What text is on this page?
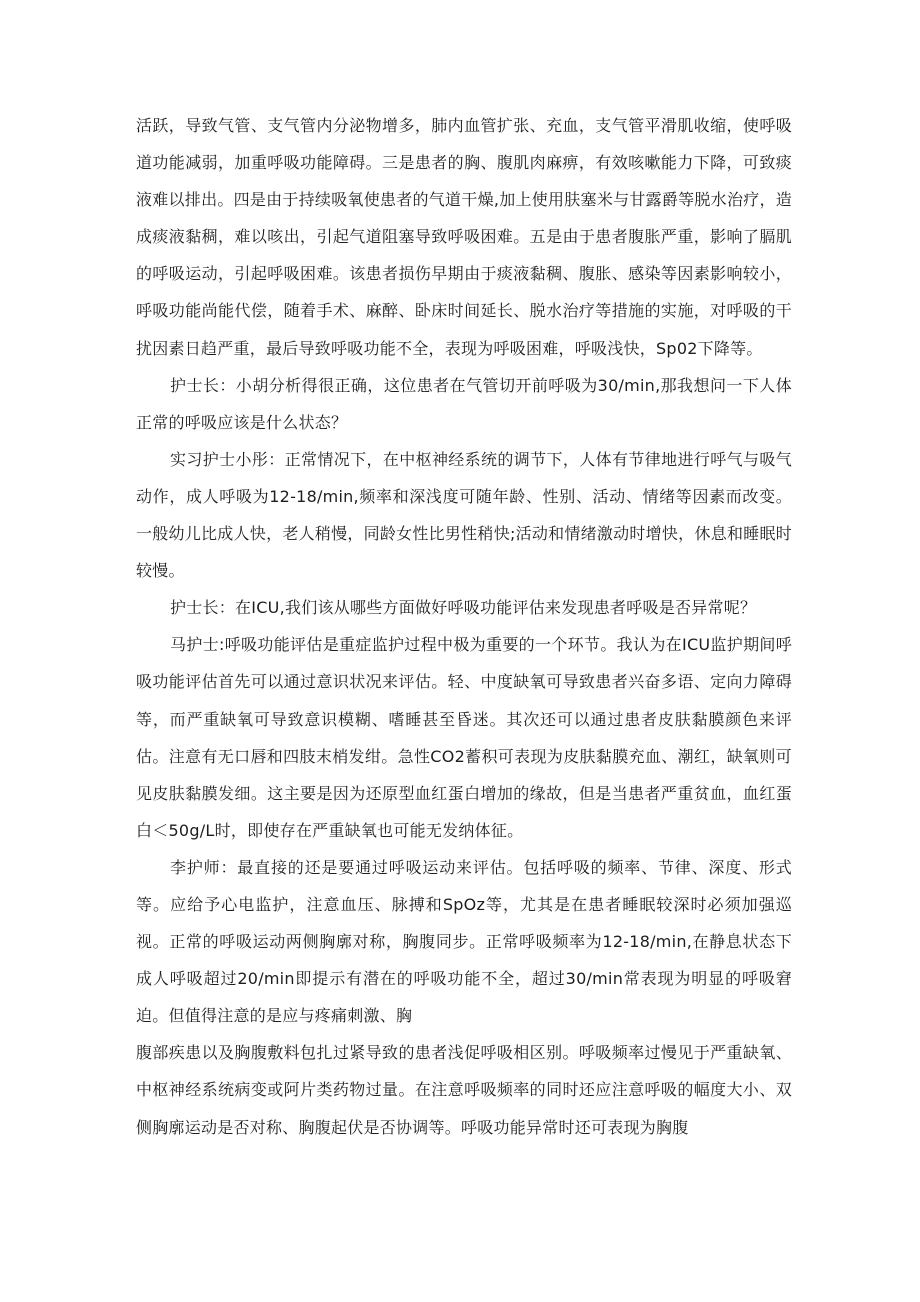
活跃，导致气管、支气管内分泌物增多，肺内血管扩张、充血，支气管平滑肌收缩，使呼吸道功能减弱，加重呼吸功能障碍。三是患者的胸、腹肌肉麻痹，有效咳嗽能力下降，可致痰液难以排出。四是由于持续吸氧使患者的气道干燥,加上使用肤塞米与甘露爵等脱水治疗，造成痰液黏稠，难以咳出，引起气道阻塞导致呼吸困难。五是由于患者腹胀严重，影响了膈肌的呼吸运动，引起呼吸困难。该患者损伤早期由于痰液黏稠、腹胀、感染等因素影响较小，呼吸功能尚能代偿，随着手术、麻醉、卧床时间延长、脱水治疗等措施的实施，对呼吸的干扰因素日趋严重，最后导致呼吸功能不全，表现为呼吸困难，呼吸浅快，Sp02下降等。

护士长：小胡分析得很正确，这位患者在气管切开前呼吸为30∕min,那我想问一下人体正常的呼吸应该是什么状态？

实习护士小彤：正常情况下，在中枢神经系统的调节下，人体有节律地进行呼气与吸气动作，成人呼吸为12-18∕min,频率和深浅度可随年龄、性别、活动、情绪等因素而改变。一般幼儿比成人快，老人稍慢，同龄女性比男性稍快;活动和情绪激动时增快，休息和睡眠时较慢。

护士长：在ICU,我们该从哪些方面做好呼吸功能评估来发现患者呼吸是否异常呢？

马护士:呼吸功能评估是重症监护过程中极为重要的一个环节。我认为在ICU监护期间呼吸功能评估首先可以通过意识状况来评估。轻、中度缺氧可导致患者兴奋多语、定向力障碍等，而严重缺氧可导致意识模糊、嗜睡甚至昏迷。其次还可以通过患者皮肤黏膜颜色来评估。注意有无口唇和四肢末梢发绀。急性CO2蓄积可表现为皮肤黏膜充血、潮红，缺氧则可见皮肤黏膜发细。这主要是因为还原型血红蛋白增加的缘故，但是当患者严重贫血，血红蛋白＜50g/L时，即使存在严重缺氧也可能无发纳体征。

李护师：最直接的还是要通过呼吸运动来评估。包括呼吸的频率、节律、深度、形式等。应给予心电监护，注意血压、脉搏和SpOz等，尤其是在患者睡眠较深时必须加强巡视。正常的呼吸运动两侧胸廓对称，胸腹同步。正常呼吸频率为12-18/min,在静息状态下成人呼吸超过20/min即提示有潜在的呼吸功能不全，超过30/min常表现为明显的呼吸窘迫。但值得注意的是应与疼痛刺激、胸

腹部疾患以及胸腹敷料包扎过紧导致的患者浅促呼吸相区别。呼吸频率过慢见于严重缺氧、中枢神经系统病变或阿片类药物过量。在注意呼吸频率的同时还应注意呼吸的幅度大小、双侧胸廓运动是否对称、胸腹起伏是否协调等。呼吸功能异常时还可表现为胸腹
